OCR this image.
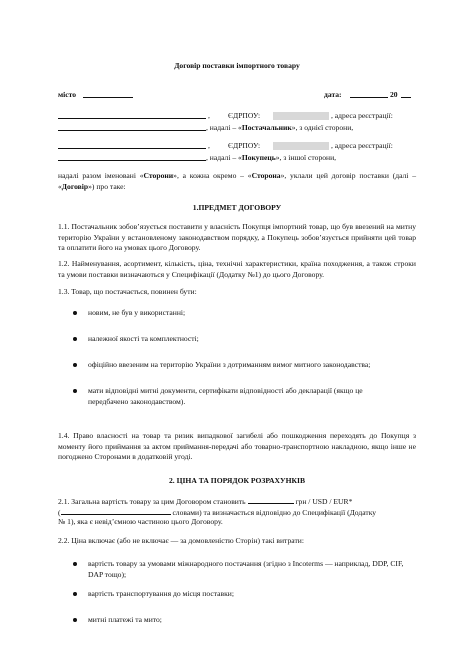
Договір поставки імпортного товару
місто	дата:	20
, ЄДРПОУ:	, адреса реєстрації:
, надалі – «Постачальник», з однієї сторони,
, ЄДРПОУ:	, адреса реєстрації:
, надалі – «Покупець», з іншої сторони,
надалі разом іменовані «Сторони», а кожна окремо – «Сторона», уклали цей договір поставки (далі – «Договір») про таке:
1.ПРЕДМЕТ ДОГОВОРУ
1.1. Постачальник зобов’язується поставити у власність Покупця імпортний товар, що був ввезений на митну територію України у встановленому законодавством порядку, а Покупець зобов’язується прийняти цей товар та оплатити його на умовах цього Договору.
1.2. Найменування, асортимент, кількість, ціна, технічні характеристики, країна походження, а також строки та умови поставки визначаються у Специфікації (Додатку №1) до цього Договору.
1.3. Товар, що постачається, повинен бути:
новим, не був у використанні;
належної якості та комплектності;
офіційно ввезеним на територію України з дотриманням вимог митного законодавства;
мати відповідні митні документи, сертифікати відповідності або декларації (якщо це передбачено законодавством).
1.4. Право власності на товар та ризик випадкової загибелі або пошкодження переходять до Покупця з моменту його приймання за актом приймання-передачі або товарно-транспортною накладною, якщо інше не погоджено Сторонами в додатковій угоді.
2. ЦІНА ТА ПОРЯДОК РОЗРАХУНКІВ
2.1. Загальна вартість товару за цим Договором становить	грн / USD / EUR*
(	словами) та визначається відповідно до Специфікації (Додатку
№ 1), яка є невід’ємною частиною цього Договору.
2.2. Ціна включає (або не включає — за домовленістю Сторін) такі витрати:
вартість товару за умовами міжнародного постачання (згідно з Incoterms — наприклад, DDP, CIF, DAP тощо);
вартість транспортування до місця поставки;
митні платежі та мито;
